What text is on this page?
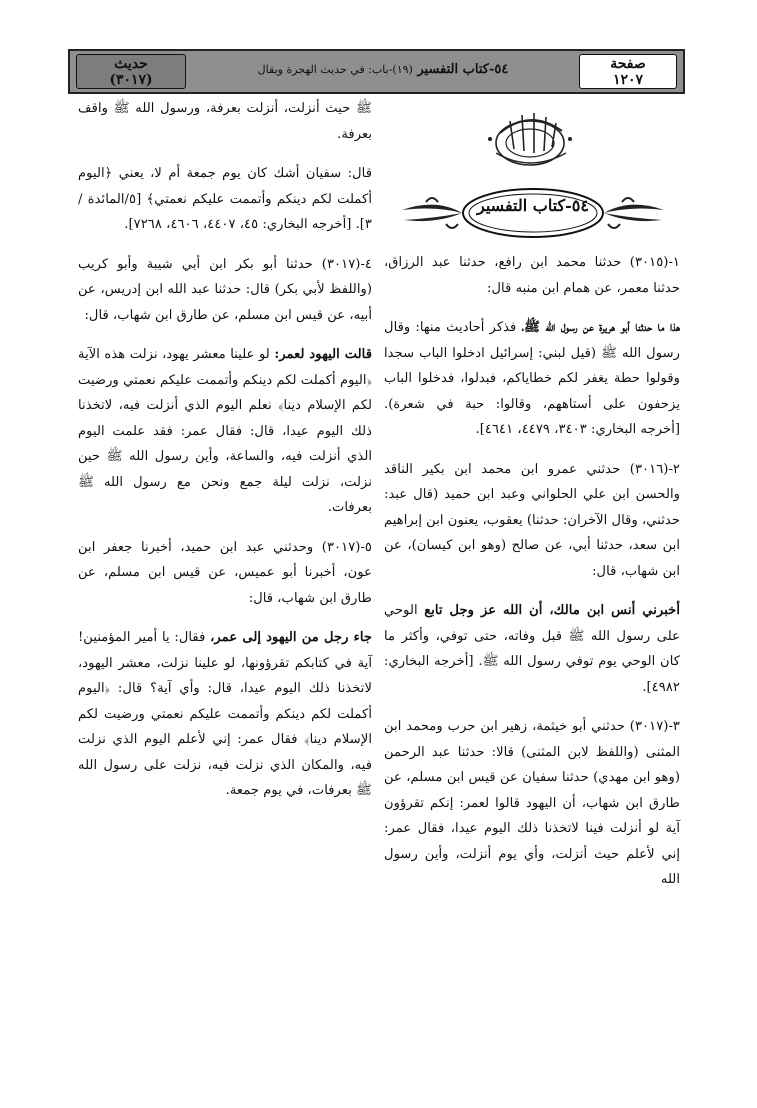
حديث
(٣٠١٧)
٥٤-كتاب التفسير (١٩)-باب: في حديث الهجرة ويقال	صفحة
١٢٠٧
٥٤-كتاب التفسير

ﷺ حيث أنزلت، أنزلت بعرفة، ورسول الله ﷺ واقف بعرفة.

قال: سفيان أشك كان يوم جمعة أم لا، يعني ﴿اليوم أكملت لكم دينكم وأتممت عليكم نعمتي﴾ [٥/المائدة / ٣]. [أخرجه البخاري: ٤٥، ٤٤٠٧، ٤٦٠٦، ٧٢٦٨].

٤-(٣٠١٧) حدثنا أبو بكر ابن أبي شيبة وأبو كريب (واللفظ لأبي بكر) قال: حدثنا عبد الله ابن إدريس، عن أبيه، عن قيس ابن مسلم، عن طارق ابن شهاب، قال:

قالت اليهود لعمر: لو علينا معشر يهود، نزلت هذه الآية ﴿اليوم أكملت لكم دينكم وأتممت عليكم نعمتي ورضيت لكم الإسلام دينا﴾ نعلم اليوم الذي أنزلت فيه، لاتخذنا ذلك اليوم عيدا، قال: فقال عمر: فقد علمت اليوم الذي أنزلت فيه، والساعة، وأين رسول الله ﷺ حين نزلت، نزلت ليلة جمع ونحن مع رسول الله ﷺ بعرفات.

٥-(٣٠١٧) وحدثني عبد ابن حميد، أخبرنا جعفر ابن عون، أخبرنا أبو عميس، عن قيس ابن مسلم، عن طارق ابن شهاب، قال:

جاء رجل من اليهود إلى عمر، فقال: يا أمير المؤمنين! آية في كتابكم تقرؤونها، لو علينا نزلت، معشر اليهود، لاتخذنا ذلك اليوم عيدا، قال: وأي آية؟ قال: ﴿اليوم أكملت لكم دينكم وأتممت عليكم نعمتي ورضيت لكم الإسلام دينا﴾ فقال عمر: إني لأعلم اليوم الذي نزلت فيه، والمكان الذي نزلت فيه، نزلت على رسول الله ﷺ بعرفات، في يوم جمعة.

١-(٣٠١٥) حدثنا محمد ابن رافع، حدثنا عبد الرزاق، حدثنا معمر، عن همام ابن منبه قال:

هذا ما حدثنا أبو هريرة عن رسول الله ﷺ، فذكر أحاديث منها: وقال رسول الله ﷺ (قيل لبني: إسرائيل ادخلوا الباب سجدا وقولوا حطة يغفر لكم خطاياكم، فبدلوا، فدخلوا الباب يزحفون على أستاههم، وقالوا: حبة في شعرة). [أخرجه البخاري: ٣٤٠٣، ٤٤٧٩، ٤٦٤١].

٢-(٣٠١٦) حدثني عمرو ابن محمد ابن بكير الناقد والحسن ابن علي الحلواني وعبد ابن حميد (قال عبد: حدثني، وقال الآخران: حدثنا) يعقوب، يعنون ابن إبراهيم ابن سعد، حدثنا أبي، عن صالح (وهو ابن كيسان)، عن ابن شهاب، قال:

أخبرني أنس ابن مالك، أن الله عز وجل تابع الوحي على رسول الله ﷺ قبل وفاته، حتى توفي، وأكثر ما كان الوحي يوم توفي رسول الله ﷺ. [أخرجه البخاري: ٤٩٨٢].

٣-(٣٠١٧) حدثني أبو خيثمة، زهير ابن حرب ومحمد ابن المثنى (واللفظ لابن المثنى) قالا: حدثنا عبد الرحمن (وهو ابن مهدي) حدثنا سفيان عن قيس ابن مسلم، عن طارق ابن شهاب، أن اليهود قالوا لعمر: إنكم تقرؤون آية لو أنزلت فينا لاتخذنا ذلك اليوم عيدا، فقال عمر: إني لأعلم حيث أنزلت، وأي يوم أنزلت، وأين رسول الله
